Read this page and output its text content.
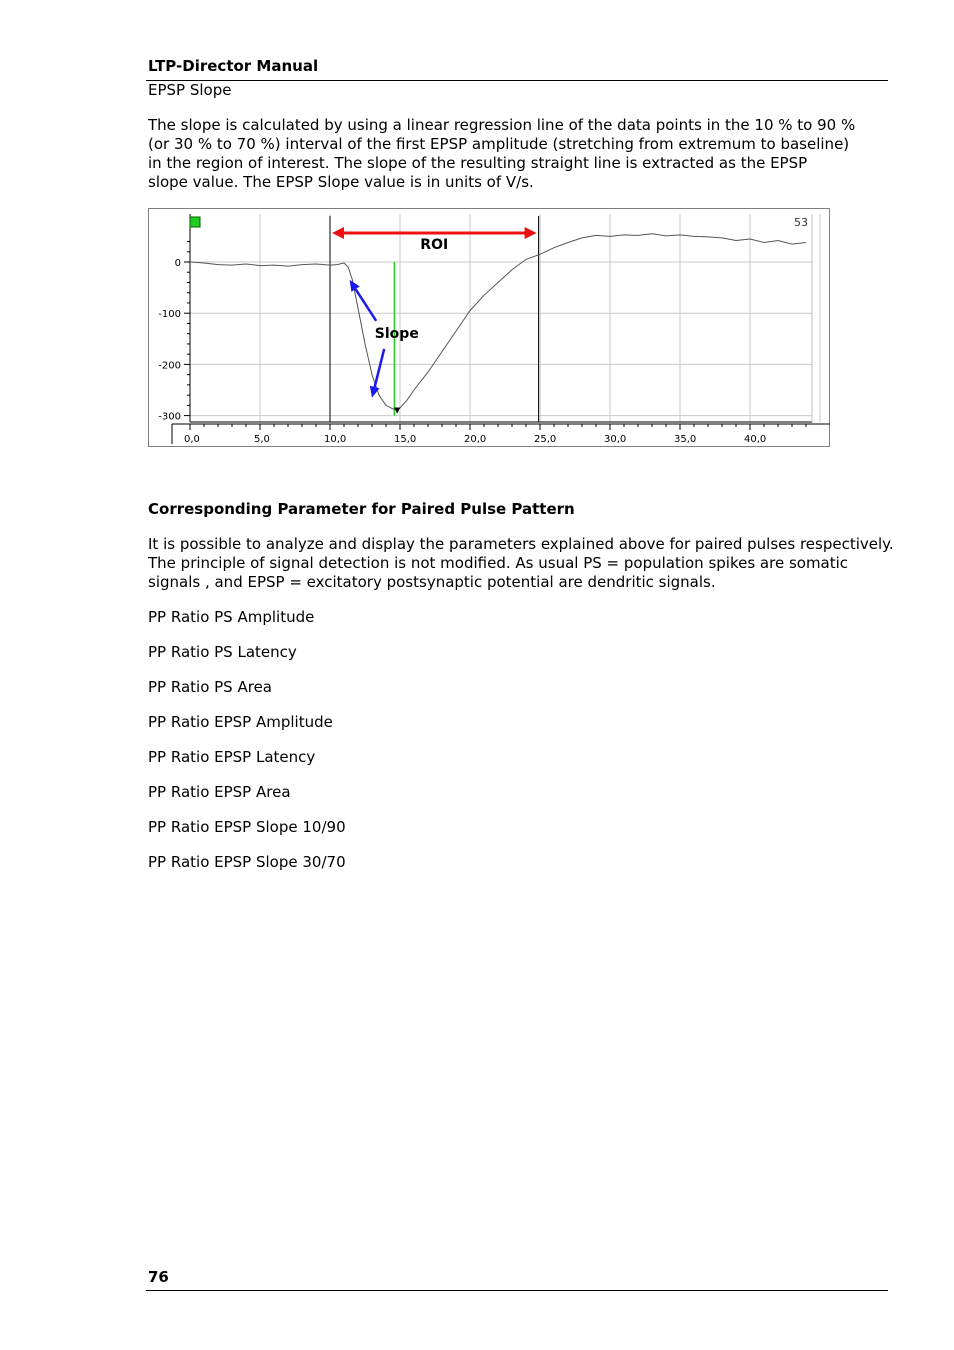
LTP-Director Manual
EPSP Slope
The slope is calculated by using a linear regression line of the data points in the 10 % to 90 %
(or 30 % to 70 %) interval of the first EPSP amplitude (stretching from extremum to baseline)
in the region of interest. The slope of the resulting straight line is extracted as the EPSP
slope value. The EPSP Slope value is in units of V/s.
0
-100
-200
-300
0,0	5,0	10,0	15,0	20,0	25,0	30,0	35,0	40,0
ROI
Slope
53
Corresponding Parameter for Paired Pulse Pattern
It is possible to analyze and display the parameters explained above for paired pulses respectively.
The principle of signal detection is not modified. As usual PS = population spikes are somatic
signals , and EPSP = excitatory postsynaptic potential are dendritic signals.
PP Ratio PS Amplitude
PP Ratio PS Latency
PP Ratio PS Area
PP Ratio EPSP Amplitude
PP Ratio EPSP Latency
PP Ratio EPSP Area
PP Ratio EPSP Slope 10/90
PP Ratio EPSP Slope 30/70
76
